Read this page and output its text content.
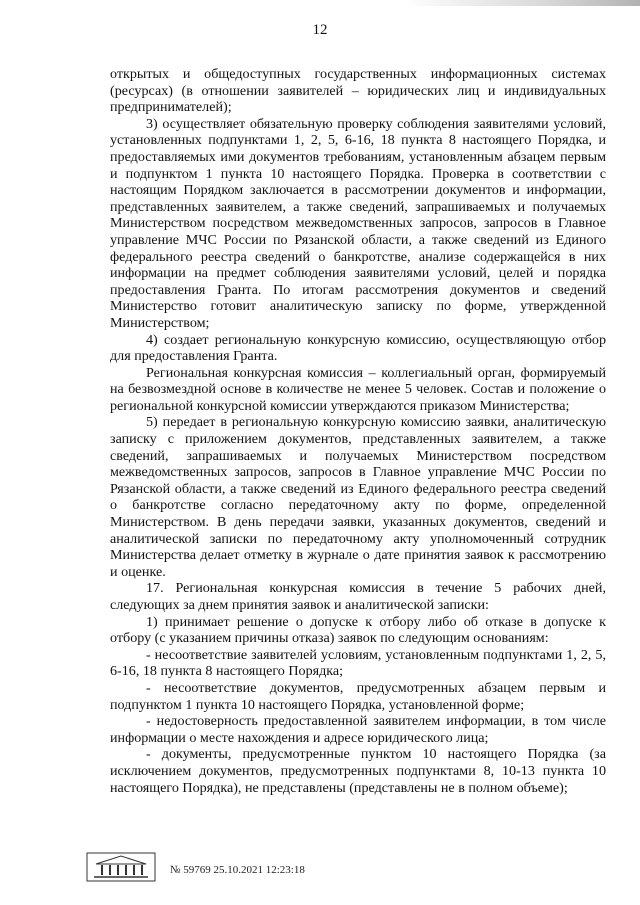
12

открытых и общедоступных государственных информационных системах (ресурсах) (в отношении заявителей – юридических лиц и индивидуальных предпринимателей);

3) осуществляет обязательную проверку соблюдения заявителями условий, установленных подпунктами 1, 2, 5, 6-16, 18 пункта 8 настоящего Порядка, и предоставляемых ими документов требованиям, установленным абзацем первым и подпунктом 1 пункта 10 настоящего Порядка. Проверка в соответствии с настоящим Порядком заключается в рассмотрении документов и информации, представленных заявителем, а также сведений, запрашиваемых и получаемых Министерством посредством межведомственных запросов, запросов в Главное управление МЧС России по Рязанской области, а также сведений из Единого федерального реестра сведений о банкротстве, анализе содержащейся в них информации на предмет соблюдения заявителями условий, целей и порядка предоставления Гранта. По итогам рассмотрения документов и сведений Министерство готовит аналитическую записку по форме, утвержденной Министерством;

4) создает региональную конкурсную комиссию, осуществляющую отбор для предоставления Гранта.

Региональная конкурсная комиссия – коллегиальный орган, формируемый на безвозмездной основе в количестве не менее 5 человек. Состав и положение о региональной конкурсной комиссии утверждаются приказом Министерства;

5) передает в региональную конкурсную комиссию заявки, аналитическую записку с приложением документов, представленных заявителем, а также сведений, запрашиваемых и получаемых Министерством посредством межведомственных запросов, запросов в Главное управление МЧС России по Рязанской области, а также сведений из Единого федерального реестра сведений о банкротстве согласно передаточному акту по форме, определенной Министерством. В день передачи заявки, указанных документов, сведений и аналитической записки по передаточному акту уполномоченный сотрудник Министерства делает отметку в журнале о дате принятия заявок к рассмотрению и оценке.

17. Региональная конкурсная комиссия в течение 5 рабочих дней, следующих за днем принятия заявок и аналитической записки:

1) принимает решение о допуске к отбору либо об отказе в допуске к отбору (с указанием причины отказа) заявок по следующим основаниям:

- несоответствие заявителей условиям, установленным подпунктами 1, 2, 5, 6-16, 18 пункта 8 настоящего Порядка;

- несоответствие документов, предусмотренных абзацем первым и подпунктом 1 пункта 10 настоящего Порядка, установленной форме;

- недостоверность предоставленной заявителем информации, в том числе информации о месте нахождения и адресе юридического лица;

- документы, предусмотренные пунктом 10 настоящего Порядка (за исключением документов, предусмотренных подпунктами 8, 10-13 пункта 10 настоящего Порядка), не представлены (представлены не в полном объеме);

№ 59769 25.10.2021 12:23:18
